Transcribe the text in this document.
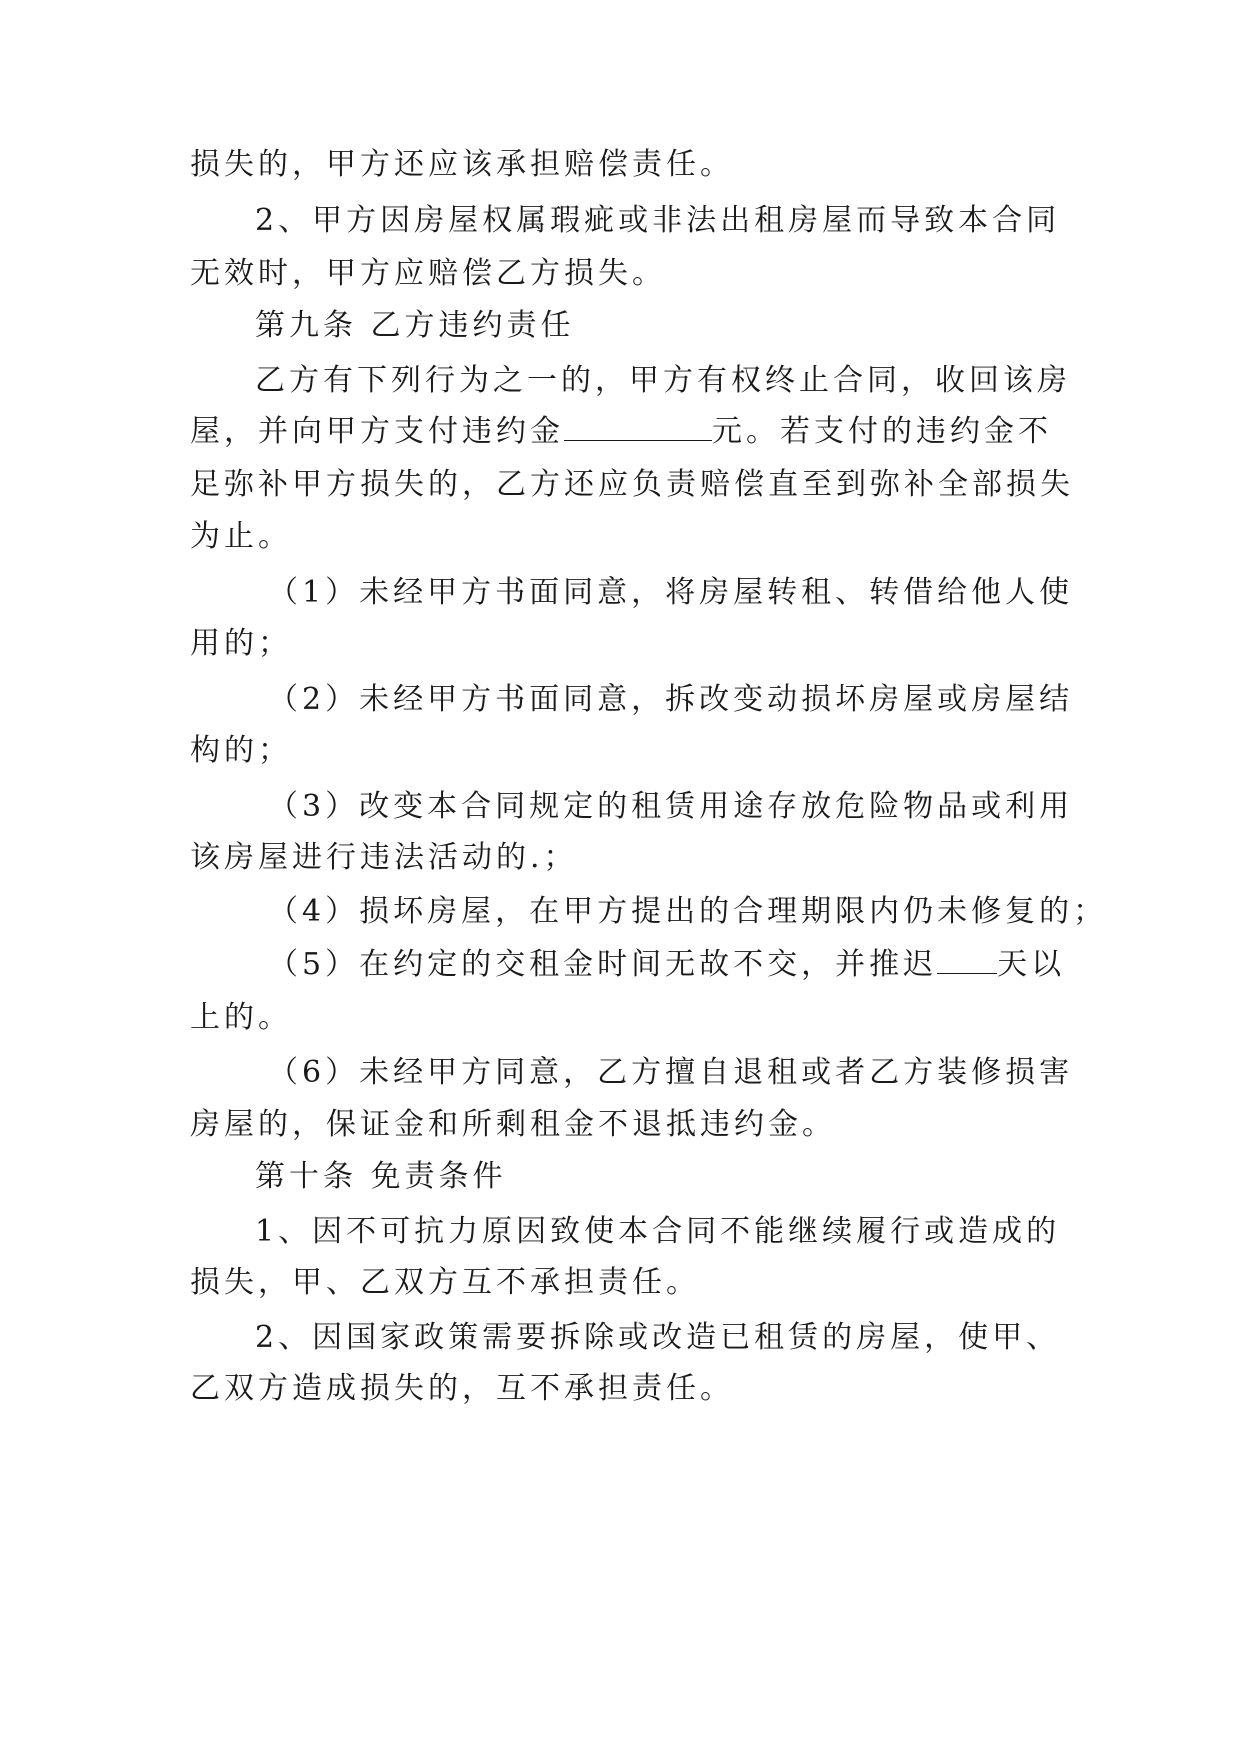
损失的，甲方还应该承担赔偿责任。
2、甲方因房屋权属瑕疵或非法出租房屋而导致本合同
无效时，甲方应赔偿乙方损失。
第九条 乙方违约责任
乙方有下列行为之一的，甲方有权终止合同，收回该房
屋，并向甲方支付违约金	元。若支付的违约金不
足弥补甲方损失的，乙方还应负责赔偿直至到弥补全部损失
为止。
（1）未经甲方书面同意，将房屋转租、转借给他人使
用的；
（2）未经甲方书面同意，拆改变动损坏房屋或房屋结
构的；
（3）改变本合同规定的租赁用途存放危险物品或利用
该房屋进行违法活动的.；
（4）损坏房屋，在甲方提出的合理期限内仍未修复的；
（5）在约定的交租金时间无故不交，并推迟 天以
上的。
（6）未经甲方同意，乙方擅自退租或者乙方装修损害
房屋的，保证金和所剩租金不退抵违约金。
第十条 免责条件
1、因不可抗力原因致使本合同不能继续履行或造成的
损失，甲、乙双方互不承担责任。
2、因国家政策需要拆除或改造已租赁的房屋，使甲、
乙双方造成损失的，互不承担责任。
